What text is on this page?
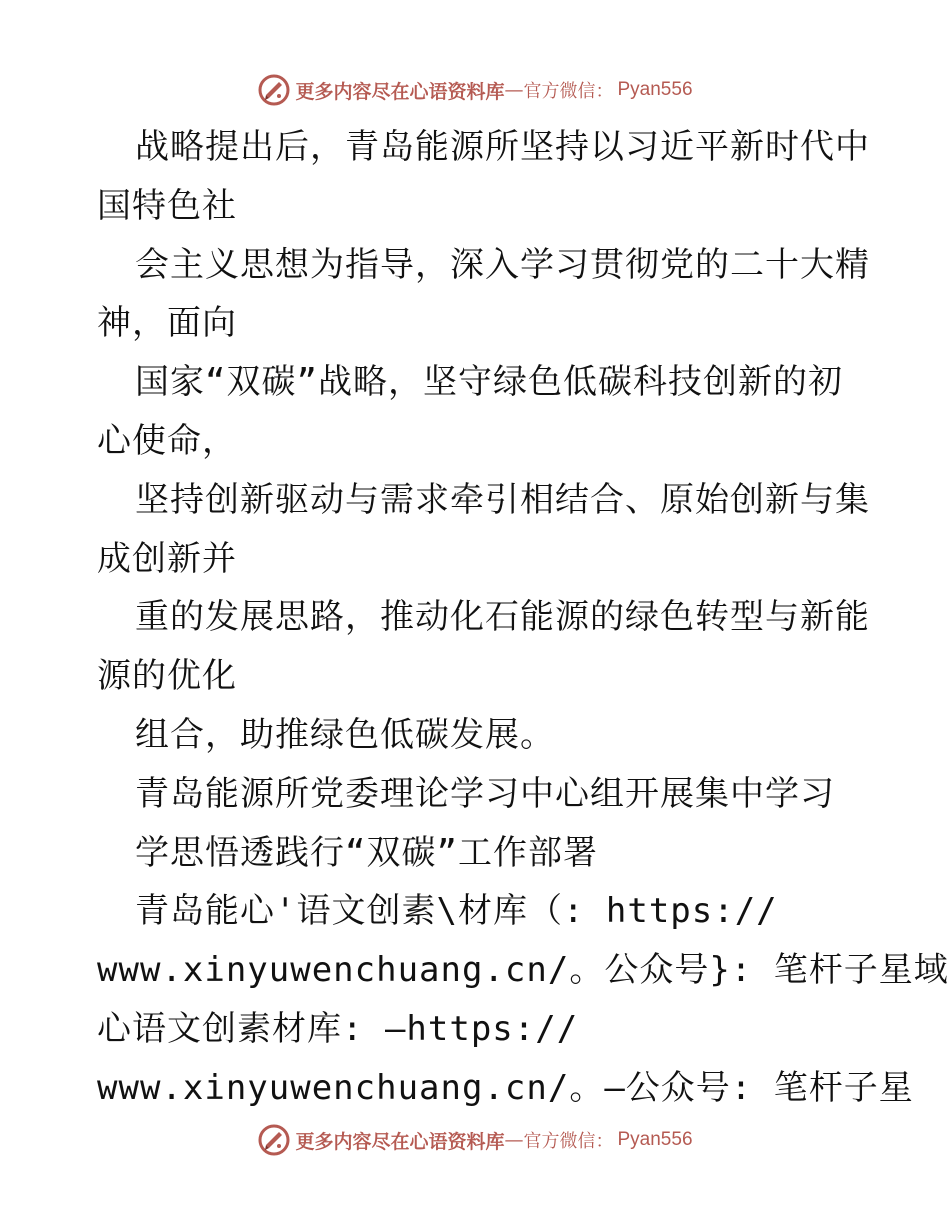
更多内容尽在心语资料库 — 官方微信： Pyan556
战略提出后，青岛能源所坚持以习近平新时代中
国特色社
会主义思想为指导，深入学习贯彻党的二十大精
神，面向
国家“双碳”战略，坚守绿色低碳科技创新的初
心使命，
坚持创新驱动与需求牵引相结合、原始创新与集
成创新并
重的发展思路，推动化石能源的绿色转型与新能
源的优化
组合，助推绿色低碳发展。
青岛能源所党委理论学习中心组开展集中学习
学思悟透践行“双碳”工作部署
青岛能心'语文创素\材库（: https://
www.xinyuwenchuang.cn/。公众号}: 笔杆子星域
心语文创素材库: —https://
www.xinyuwenchuang.cn/。—公众号: 笔杆子星
更多内容尽在心语资料库 — 官方微信： Pyan556
